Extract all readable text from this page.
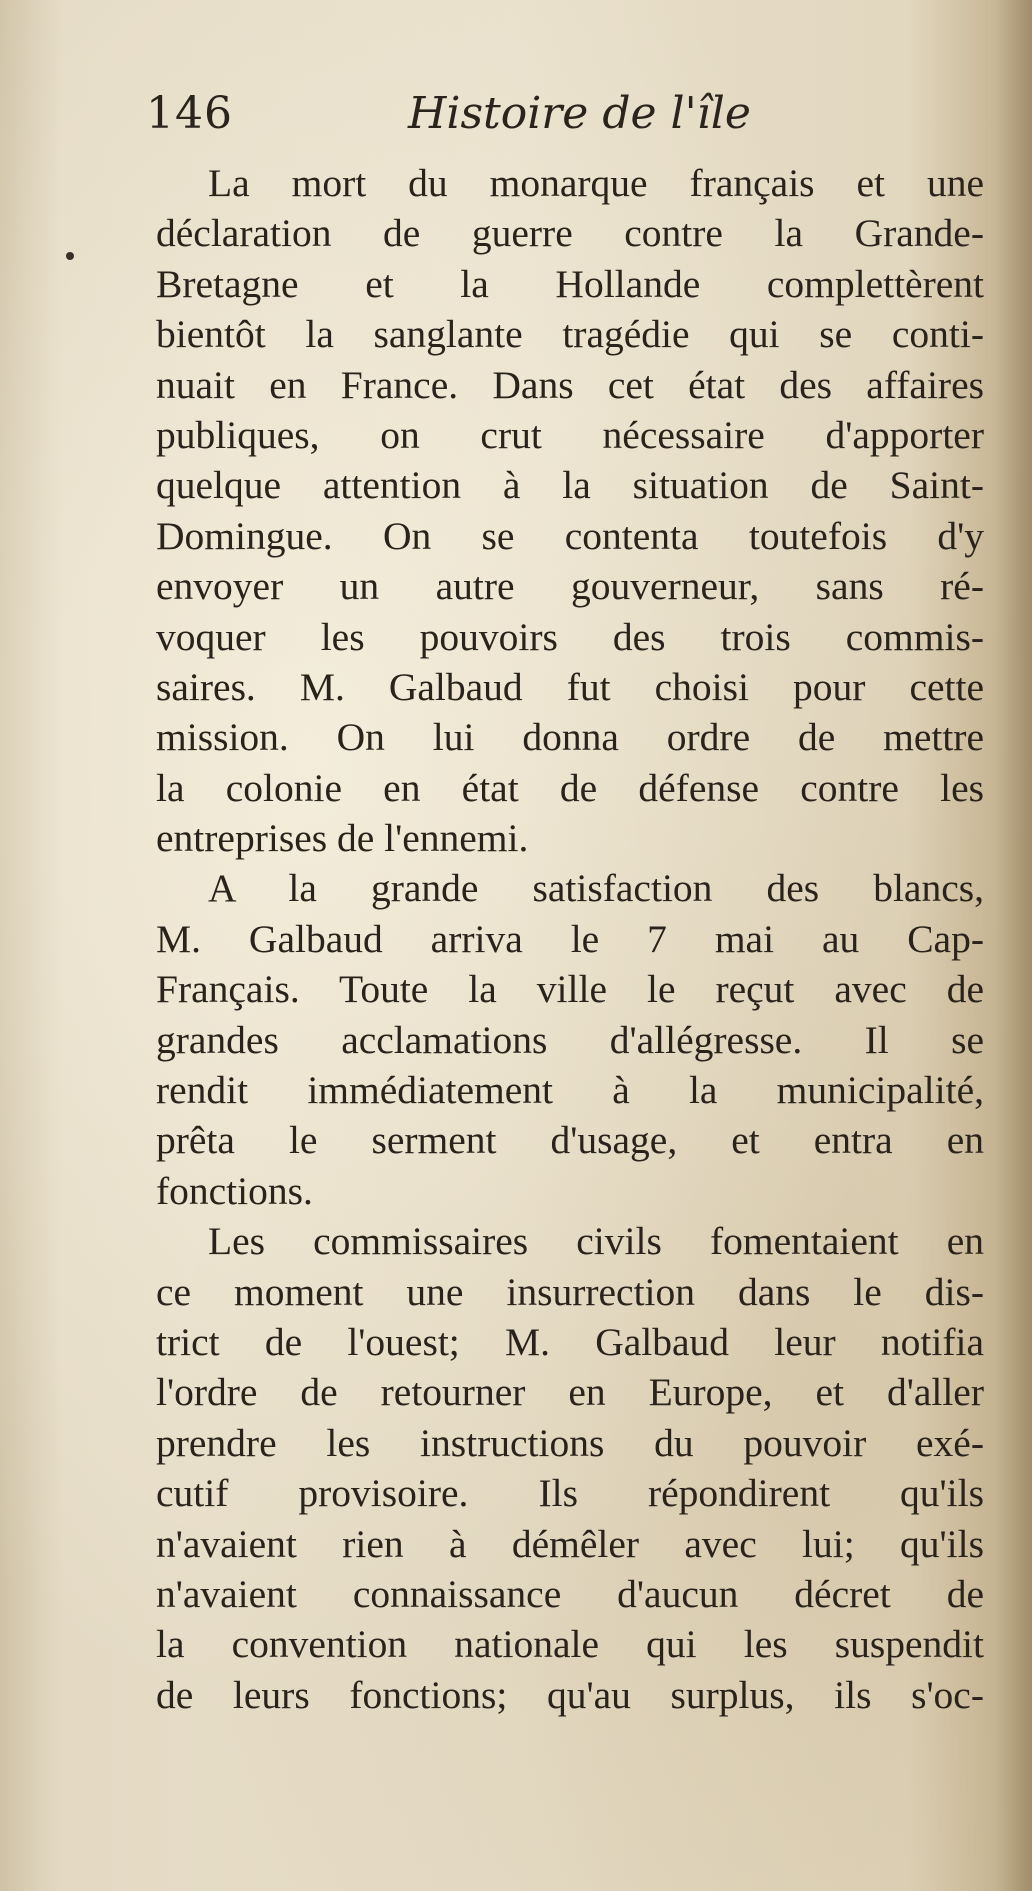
146	Histoire de l'île

La mort du monarque français et une
déclaration de guerre contre la Grande-
Bretagne et la Hollande complettèrent
bientôt la sanglante tragédie qui se conti-
nuait en France. Dans cet état des affaires
publiques, on crut nécessaire d'apporter
quelque attention à la situation de Saint-
Domingue. On se contenta toutefois d'y
envoyer un autre gouverneur, sans ré-
voquer les pouvoirs des trois commis-
saires. M. Galbaud fut choisi pour cette
mission. On lui donna ordre de mettre
la colonie en état de défense contre les
entreprises de l'ennemi.

A la grande satisfaction des blancs,
M. Galbaud arriva le 7 mai au Cap-
Français. Toute la ville le reçut avec de
grandes acclamations d'allégresse. Il se
rendit immédiatement à la municipalité,
prêta le serment d'usage, et entra en
fonctions.

Les commissaires civils fomentaient en
ce moment une insurrection dans le dis-
trict de l'ouest; M. Galbaud leur notifia
l'ordre de retourner en Europe, et d'aller
prendre les instructions du pouvoir exé-
cutif provisoire. Ils répondirent qu'ils
n'avaient rien à démêler avec lui; qu'ils
n'avaient connaissance d'aucun décret de
la convention nationale qui les suspendit
de leurs fonctions; qu'au surplus, ils s'oc-
